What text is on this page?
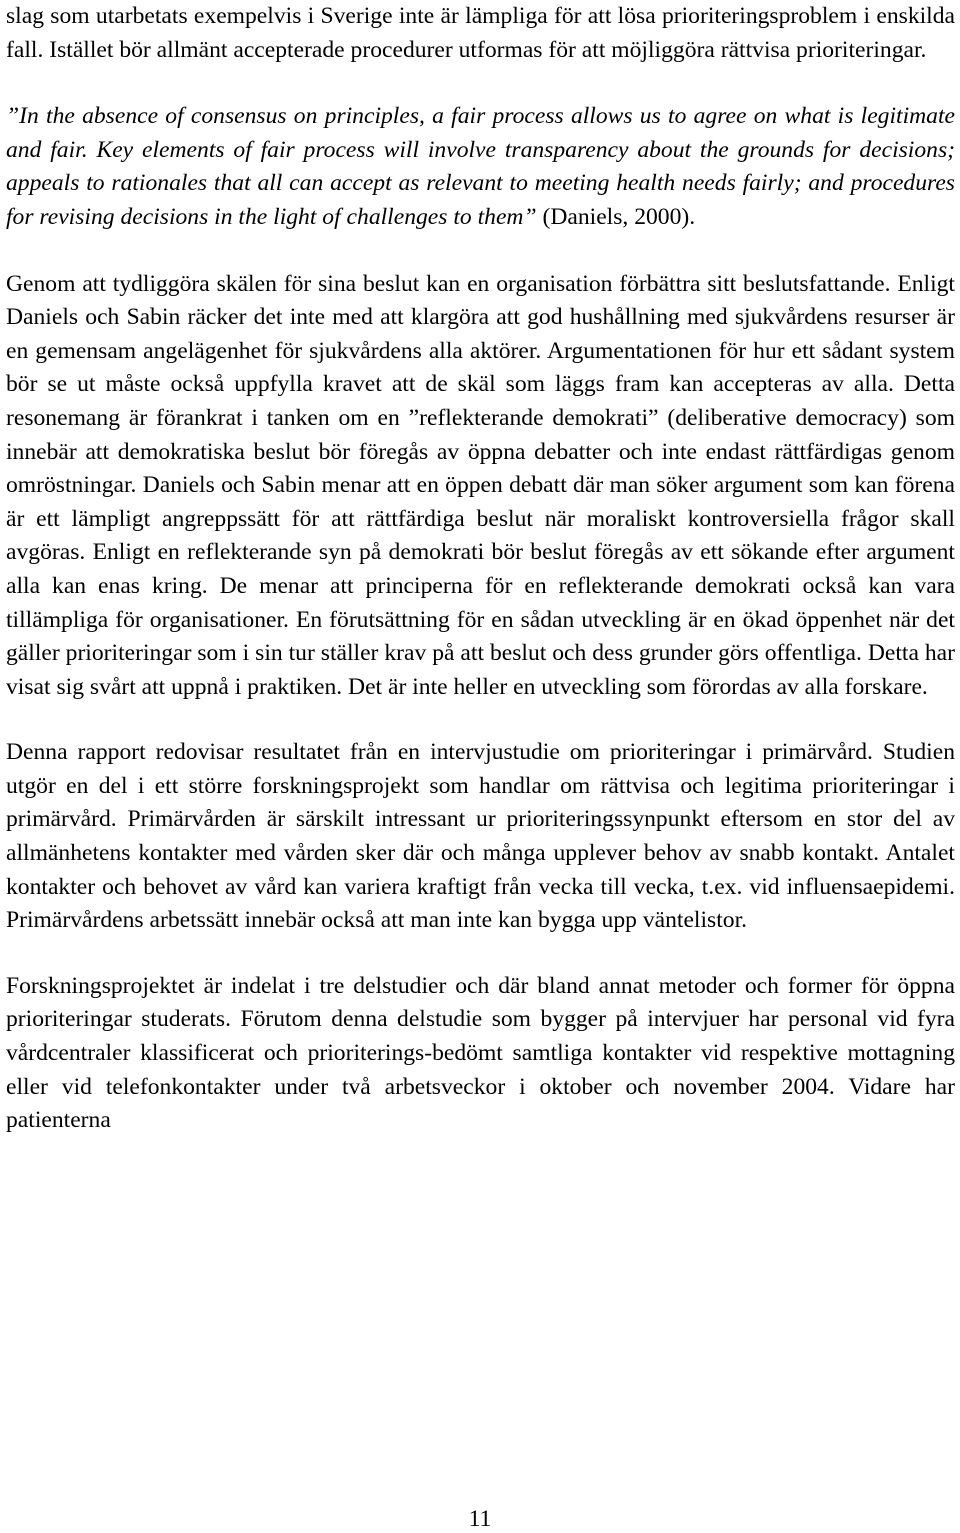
slag som utarbetats exempelvis i Sverige inte är lämpliga för att lösa prioriteringsproblem i enskilda fall. Istället bör allmänt accepterade procedurer utformas för att möjliggöra rättvisa prioriteringar.

”In the absence of consensus on principles, a fair process allows us to agree on what is legitimate and fair. Key elements of fair process will involve transparency about the grounds for decisions; appeals to rationales that all can accept as relevant to meeting health needs fairly; and procedures for revising decisions in the light of challenges to them” (Daniels, 2000).

Genom att tydliggöra skälen för sina beslut kan en organisation förbättra sitt beslutsfattande. Enligt Daniels och Sabin räcker det inte med att klargöra att god hushållning med sjukvårdens resurser är en gemensam angelägenhet för sjukvårdens alla aktörer. Argumentationen för hur ett sådant system bör se ut måste också uppfylla kravet att de skäl som läggs fram kan accepteras av alla. Detta resonemang är förankrat i tanken om en ”reflekterande demokrati” (deliberative democracy) som innebär att demokratiska beslut bör föregås av öppna debatter och inte endast rättfärdigas genom omröstningar. Daniels och Sabin menar att en öppen debatt där man söker argument som kan förena är ett lämpligt angreppssätt för att rättfärdiga beslut när moraliskt kontroversiella frågor skall avgöras. Enligt en reflekterande syn på demokrati bör beslut föregås av ett sökande efter argument alla kan enas kring. De menar att principerna för en reflekterande demokrati också kan vara tillämpliga för organisationer. En förutsättning för en sådan utveckling är en ökad öppenhet när det gäller prioriteringar som i sin tur ställer krav på att beslut och dess grunder görs offentliga. Detta har visat sig svårt att uppnå i praktiken. Det är inte heller en utveckling som förordas av alla forskare.

Denna rapport redovisar resultatet från en intervjustudie om prioriteringar i primärvård. Studien utgör en del i ett större forskningsprojekt som handlar om rättvisa och legitima prioriteringar i primärvård. Primärvården är särskilt intressant ur prioriteringssynpunkt eftersom en stor del av allmänhetens kontakter med vården sker där och många upplever behov av snabb kontakt. Antalet kontakter och behovet av vård kan variera kraftigt från vecka till vecka, t.ex. vid influensaepidemi. Primärvårdens arbetssätt innebär också att man inte kan bygga upp väntelistor.

Forskningsprojektet är indelat i tre delstudier och där bland annat metoder och former för öppna prioriteringar studerats. Förutom denna delstudie som bygger på intervjuer har personal vid fyra vårdcentraler klassificerat och prioriterings-bedömt samtliga kontakter vid respektive mottagning eller vid telefonkontakter under två arbetsveckor i oktober och november 2004. Vidare har patienterna

11
